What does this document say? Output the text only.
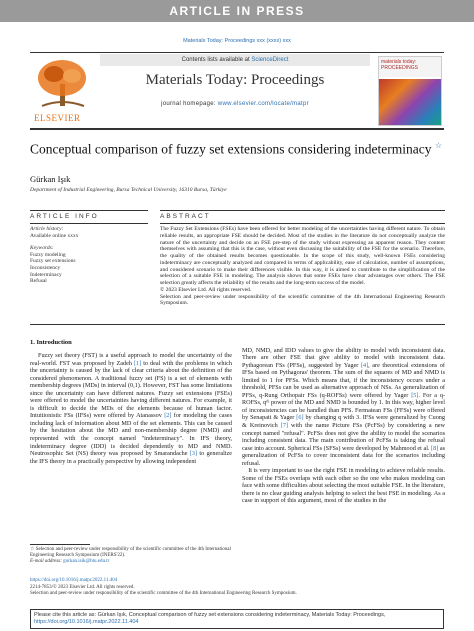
ARTICLE IN PRESS
Materials Today: Proceedings xxx (xxxx) xxx
ELSEVIER
Contents lists available at ScienceDirect
Materials Today: Proceedings
journal homepage: www.elsevier.com/locate/matpr
materials today: PROCEEDINGS
Conceptual comparison of fuzzy set extensions considering indeterminacy ☆
Gürkan Işık
Department of Industrial Engineering, Bursa Technical University, 16310 Bursa, Türkiye
ARTICLE INFO	ABSTRACT
Article history:
Available online xxxx
Keywords:
Fuzzy modeling
Fuzzy set extensions
Inconsistency
Indeterminacy
Refusal
The Fuzzy Set Extensions (FSEs) have been offered for better modeling of the uncertainties having different nature. To obtain reliable results, an appropriate FSE should be decided. Most of the studies in the literature do not conceptually analyze the nature of the uncertainty and decide on an FSE pre-step of the study without expressing an apparent reason. They content themselves with assuming that this is the case, without even discussing the suitability of the FSE for the scenario. Therefore, the quality of the obtained results becomes questionable. In the scope of this study, well-known FSEs considering indeterminacy are conceptually analyzed and compared in terms of applicability, ease of calculation, number of assumptions, and considered scenario to make their differences visible. In this way, it is aimed to contribute to the simplification of the selection of a suitable FSE in modeling. The analysis shows that some FSEs have clear advantages over others. The FSE selection greatly affects the reliability of the results and the long-term success of the model.
© 2023 Elsevier Ltd. All rights reserved.
Selection and peer-review under responsibility of the scientific committee of the 4th International Engineering Research Symposium.
1. Introduction
Fuzzy set theory (FST) is a useful approach to model the uncertainty of the real-world. FST was proposed by Zadeh [1] to deal with the problems in which the uncertainty is caused by the lack of clear criteria about the definition of the considered phenomenon. A traditional fuzzy set (FS) is a set of elements with membership degrees (MDs) in interval (0,1). However, FST has some limitations since the uncertainty can have different natures. Fuzzy set extensions (FSEs) were offered to model the uncertainties having different natures. For example, it is difficult to decide the MDs of the elements because of human factor. Intuitionistic FSs (IFSs) were offered by Atanassov [2] for modeling the cases including lack of information about MD of the set elements. This can be caused by the hesitation about the MD and non-membership degree (NMD) and represented with the concept named "indeterminacy". In IFS theory, indeterminacy degree (IDD) is decided dependently to MD and NMD. Neutrosophic Set (NS) theory was proposed by Smarandache [3] to generalize the IFS theory in a practically perspective by allowing independent

MD, NMD, and IDD values to give the ability to model with inconsistent data. There are other FSE that give ability to model with inconsistent data. Pythagorean FSs (PFSs), suggested by Yager [4], are theoretical extensions of IFSs based on Pythagoras' theorem. The sum of the squares of MD and NMD is limited to 1 for PFSs. Which means that, if the inconsistency occurs under a threshold, PFSs can be used as alternative approach of NSs. As generalization of PFSs, q-Rung Orthopair FSs (q-ROFSs) were offered by Yager [5]. For a q-ROFSs, qᵗʰ power of the MD and NMD is bounded by 1. In this way, higher level of inconsistencies can be handled than PFS. Fermatean FSs (FFSs) were offered by Senapati & Yager [6] by changing q with 3. IFSs were generalized by Cuong & Kreinovich [7] with the name Picture FSs (PcFSs) by considering a new concept named "refusal". PcFSs does not give the ability to model the scenarios including consistent data. The main contribution of PcFSs is taking the refusal case into account. Spherical FSs (SFSs) were developed by Mahmood et al. [8] as generalization of PcFSs to cover inconsistent data for the scenarios including refusal.
 It is very important to use the right FSE in modeling to achieve reliable results. Some of the FSEs overlaps with each other so the one who makes modeling can face with some difficulties about selecting the most suitable FSE. In the literature, there is no clear guiding analysis helping to select the best FSE in modeling. As a case in support of this argument, most of the studies in the

☆ Selection and peer-review under responsibility of the scientific committee of the 4th International Engineering Research Symposium (INERS'22).
E-mail address: gurkan.isik@btu.edu.tr
https://doi.org/10.1016/j.matpr.2022.11.404
2214-7853/© 2023 Elsevier Ltd. All rights reserved.
Selection and peer-review under responsibility of the scientific committee of the 4th International Engineering Research Symposium.
Please cite this article as: Gürkan Işık, Conceptual comparison of fuzzy set extensions considering indeterminacy, Materials Today: Proceedings, https://doi.org/10.1016/j.matpr.2022.11.404
